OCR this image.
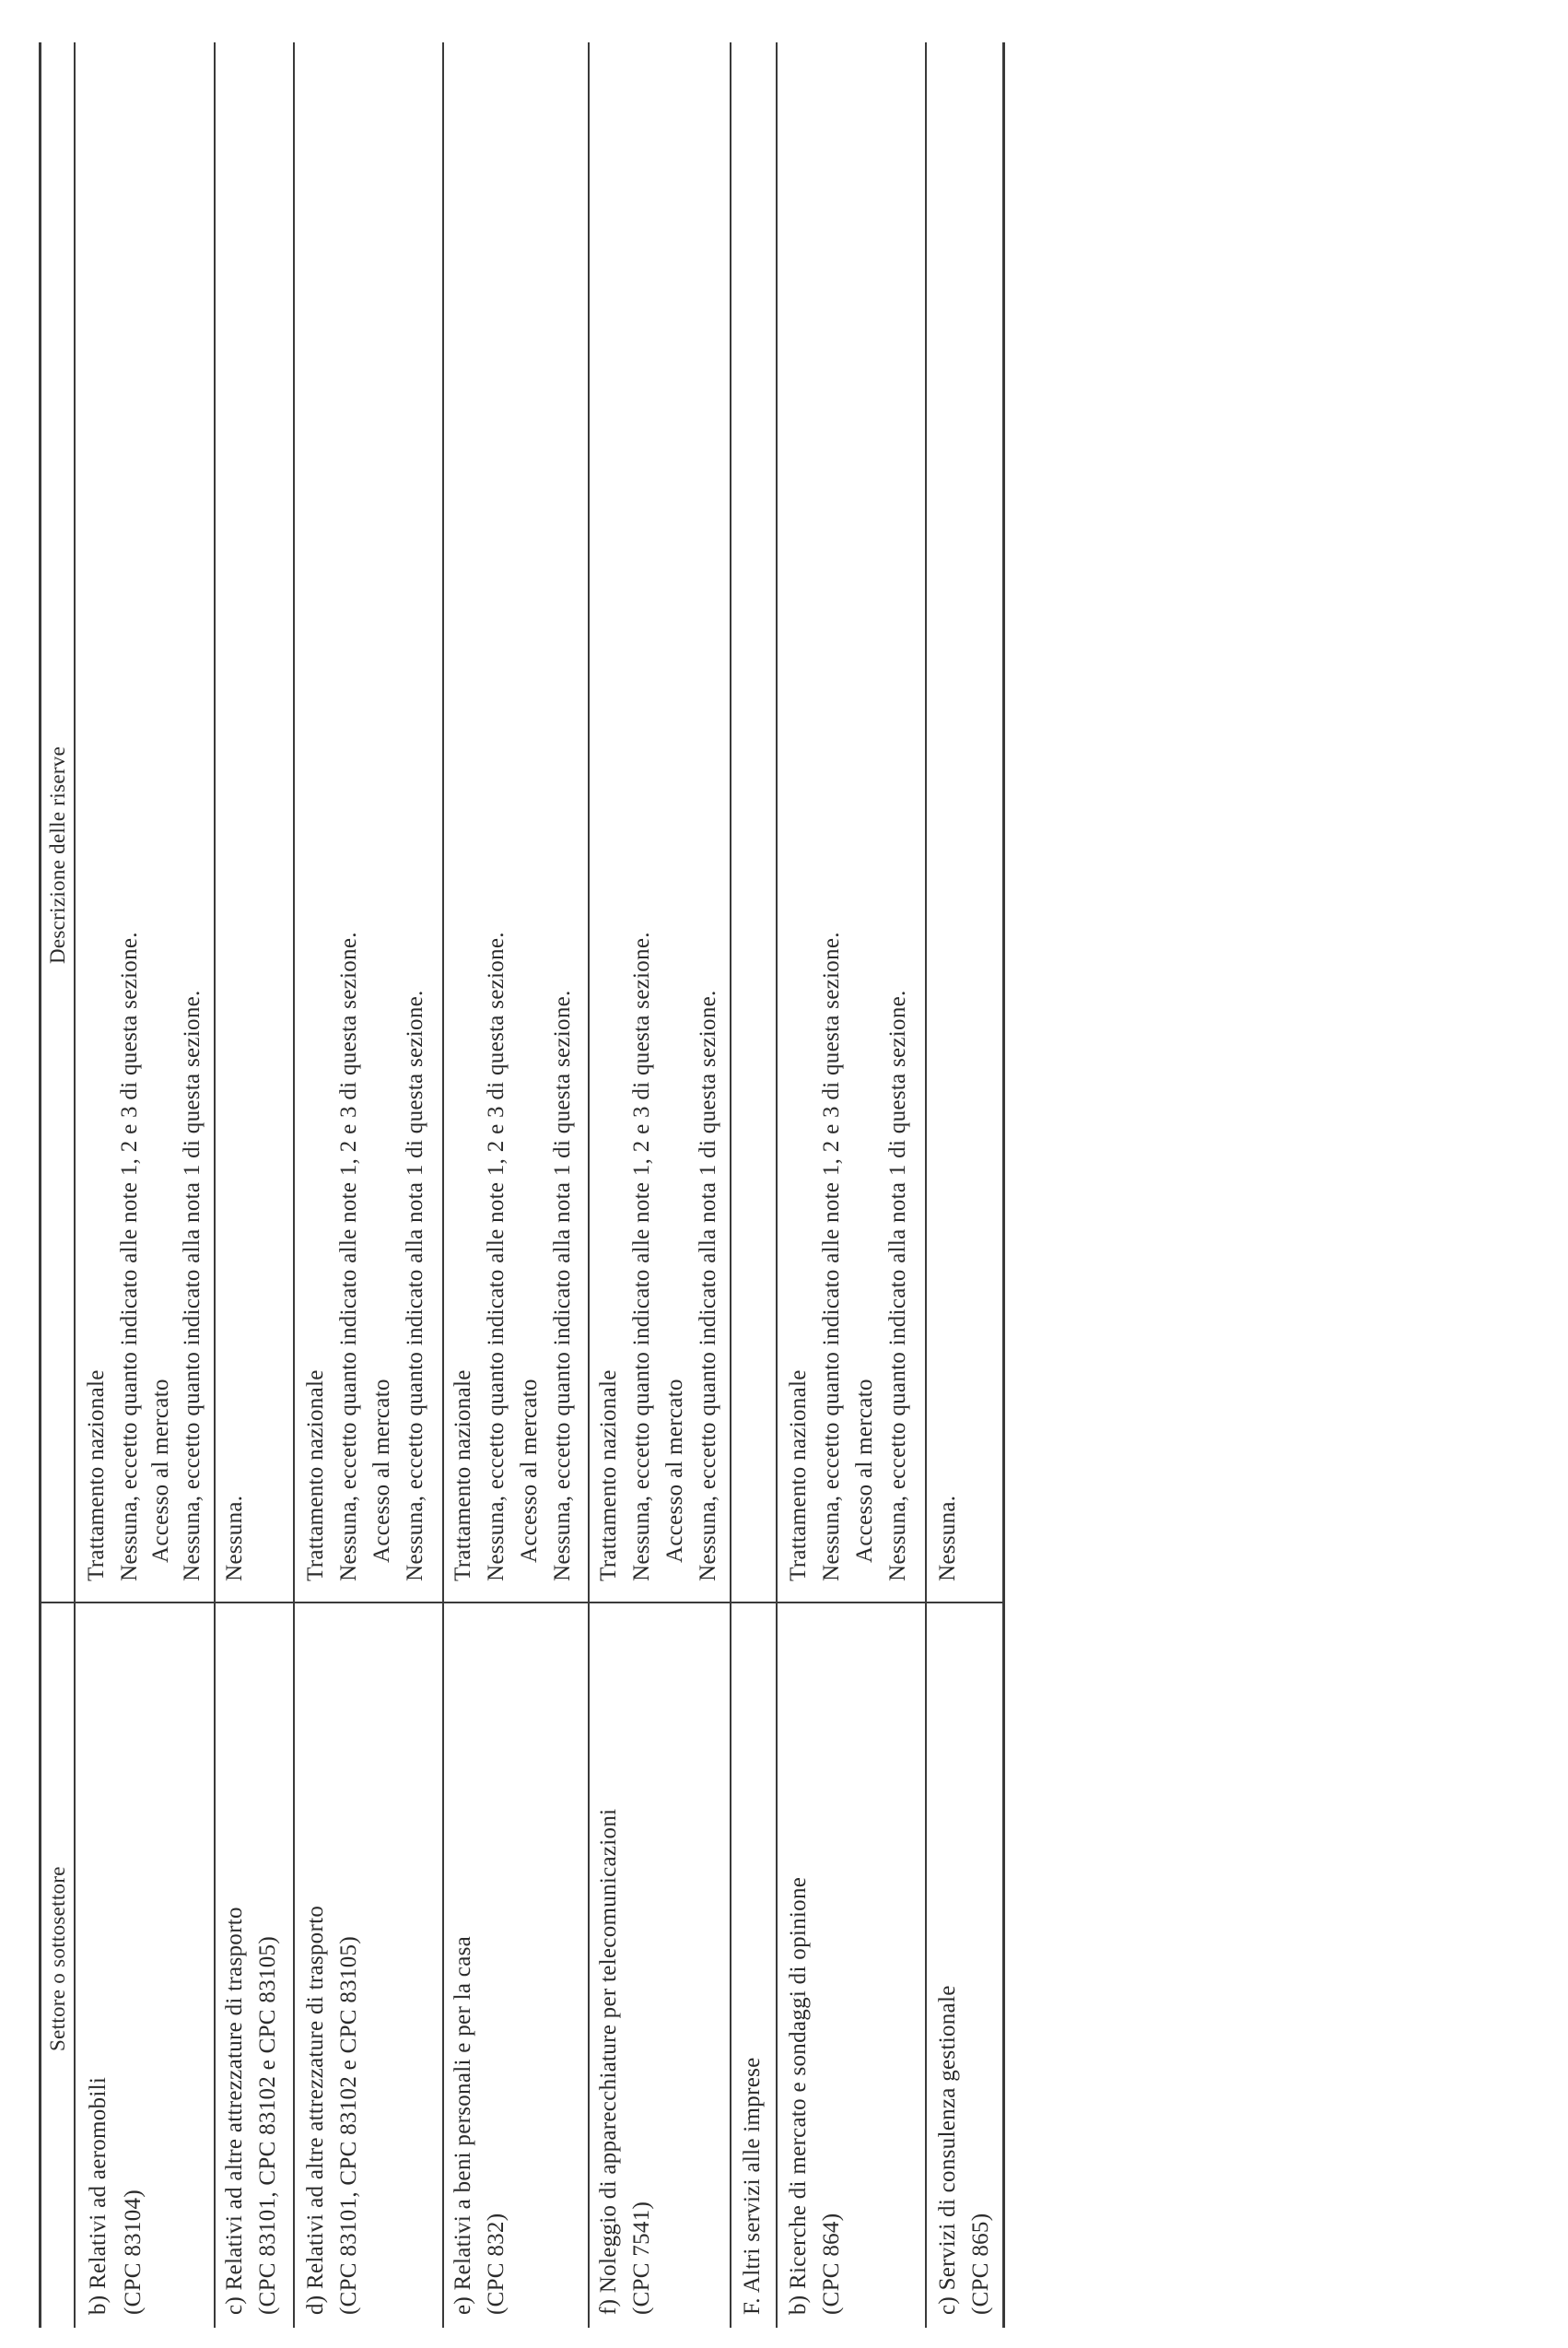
Settore o sottosettore
Descrizione delle riserve
b) Relativi ad aeromobili (CPC 83104)
Trattamento nazionale Nessuna, eccetto quanto indicato alle note 1, 2 e 3 di questa sezione. Accesso al mercato Nessuna, eccetto quanto indicato alla nota 1 di questa sezione.
c) Relativi ad altre attrezzature di trasporto (CPC 83101, CPC 83102 e CPC 83105)
Nessuna.
d) Relativi ad altre attrezzature di trasporto (CPC 83101, CPC 83102 e CPC 83105)
Trattamento nazionale Nessuna, eccetto quanto indicato alle note 1, 2 e 3 di questa sezione. Accesso al mercato Nessuna, eccetto quanto indicato alla nota 1 di questa sezione.
e) Relativi a beni personali e per la casa (CPC 832)
Trattamento nazionale Nessuna, eccetto quanto indicato alle note 1, 2 e 3 di questa sezione. Accesso al mercato Nessuna, eccetto quanto indicato alla nota 1 di questa sezione.
f) Noleggio di apparecchiature per telecomunicazioni (CPC 7541)
Trattamento nazionale Nessuna, eccetto quanto indicato alle note 1, 2 e 3 di questa sezione. Accesso al mercato Nessuna, eccetto quanto indicato alla nota 1 di questa sezione.
F. Altri servizi alle imprese b) Ricerche di mercato e sondaggi di opinione (CPC 864)
Trattamento nazionale Nessuna, eccetto quanto indicato alle note 1, 2 e 3 di questa sezione. Accesso al mercato Nessuna, eccetto quanto indicato alla nota 1 di questa sezione.
c) Servizi di consulenza gestionale (CPC 865)
Nessuna.
